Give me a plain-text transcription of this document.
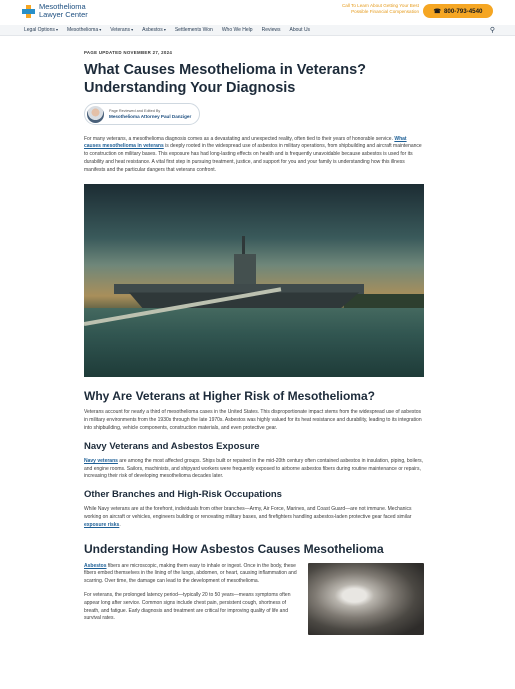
Mesothelioma
Lawyer Center
Call To Learn About Getting Your Best
Possible Financial Compensation ☎ 800-793-4540
Legal Options ▾	Mesothelioma ▾	Veterans ▾	Asbestos ▾	Settlements Won Who We Help Reviews About Us	⚲
PAGE UPDATED NOVEMBER 27, 2024
What Causes Mesothelioma in Veterans? Understanding Your Diagnosis
Page Reviewed and Edited By
Mesothelioma Attorney Paul Danziger

For many veterans, a mesothelioma diagnosis comes as a devastating and unexpected reality, often tied to their years of honorable service. What causes mesothelioma in veterans is deeply rooted in the widespread use of asbestos in military operations, from shipbuilding and aircraft maintenance to construction on military bases. This exposure has had long-lasting effects on health and is frequently unavoidable because asbestos is used for its durability and heat resistance. A vital first step in pursuing treatment, justice, and support for you and your family is understanding how this illness manifests and the particular dangers that veterans confront.

Why Are Veterans at Higher Risk of Mesothelioma?

Veterans account for nearly a third of mesothelioma cases in the United States. This disproportionate impact stems from the widespread use of asbestos in military environments from the 1930s through the late 1970s. Asbestos was highly valued for its heat resistance and durability, leading to its integration into shipbuilding, vehicle components, construction materials, and even protective gear.

Navy Veterans and Asbestos Exposure

Navy veterans are among the most affected groups. Ships built or repaired in the mid-20th century often contained asbestos in insulation, piping, boilers, and engine rooms. Sailors, machinists, and shipyard workers were frequently exposed to airborne asbestos fibers during routine maintenance or repairs, increasing their risk of developing mesothelioma decades later.

Other Branches and High-Risk Occupations

While Navy veterans are at the forefront, individuals from other branches—Army, Air Force, Marines, and Coast Guard—are not immune. Mechanics working on aircraft or vehicles, engineers building or renovating military bases, and firefighters handling asbestos-laden protective gear faced similar exposure risks.

Understanding How Asbestos Causes Mesothelioma

Asbestos fibers are microscopic, making them easy to inhale or ingest. Once in the body, these fibers embed themselves in the lining of the lungs, abdomen, or heart, causing inflammation and scarring. Over time, the damage can lead to the development of mesothelioma.

For veterans, the prolonged latency period—typically 20 to 50 years—means symptoms often appear long after service. Common signs include chest pain, persistent cough, shortness of breath, and fatigue. Early diagnosis and treatment are critical for improving quality of life and survival rates.
